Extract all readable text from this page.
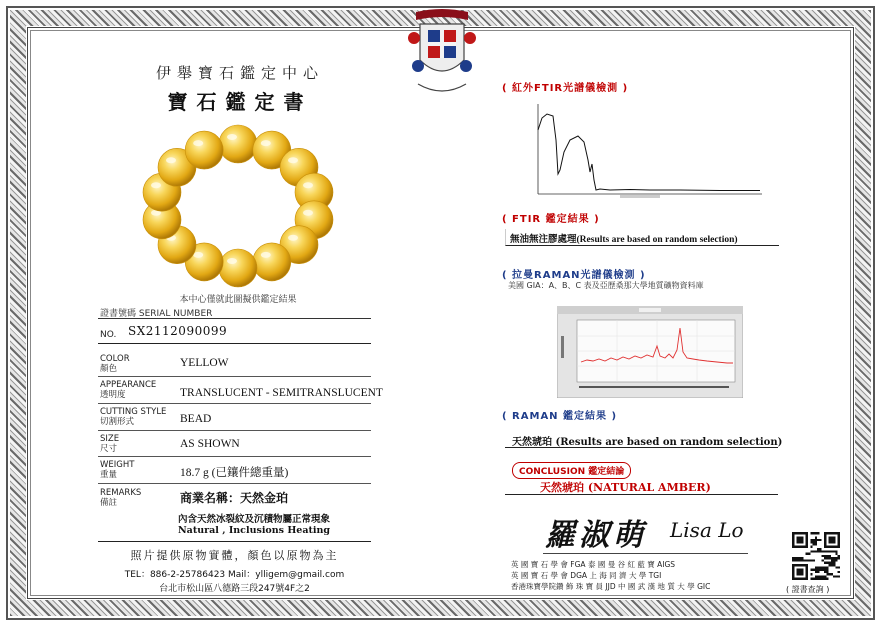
伊舉寶石鑑定中心
寶石鑑定書
本中心僅就此圖擬供鑑定結果
證書號碼 SERIAL NUMBER
NO. SX2112090099
COLOR
顏色	YELLOW
APPEARANCE
透明度	TRANSLUCENT - SEMITRANSLUCENT
CUTTING STYLE
切割形式	BEAD
SIZE
尺寸	AS SHOWN
WEIGHT
重量	18.7 g (已鑲件總重量)
REMARKS
備註	商業名稱：天然金珀
內含天然冰裂紋及沉積物屬正常現象
Natural , Inclusions Heating
照片提供原物實體，顏色以原物為主
TEL：886-2-25786423 Mail：ylligem@gmail.com
台北市松山區八德路三段247號4F之2
( 紅外FTIR光譜儀檢測 )
( FTIR 鑑定結果 )
無油無注膠處理(Results are based on random selection)
( 拉曼RAMAN光譜儀檢測 )
美國 GIA：A、B、C 表及亞歷桑那大學地質礦物資料庫
( RAMAN 鑑定結果 )
天然琥珀 (Results are based on random selection)
CONCLUSION 鑑定結論
天然琥珀 (NATURAL AMBER)
羅淑萌 Lisa Lo
英 國 寶 石 學 會 FGA 泰 國 曼 谷 紅 藍 寶 AIGS
英 國 寶 石 學 會 DGA 上 海 同 濟 大 學 TGI
香港珠寶學院鑽 飾 珠 寶 員 JJD 中 國 武 漢 地 質 大 學 GIC	( 證書查詢 )
